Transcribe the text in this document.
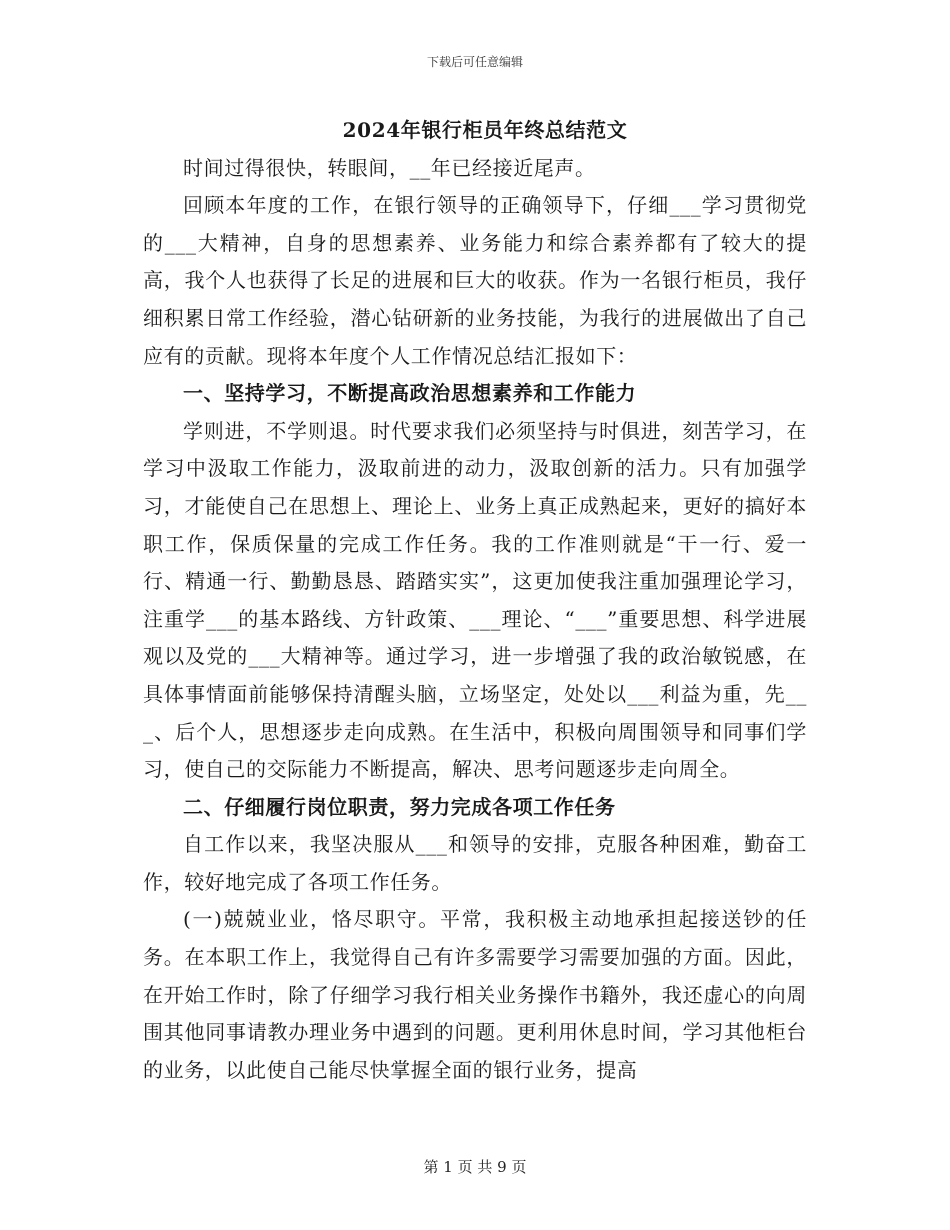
下载后可任意编辑

2024年银行柜员年终总结范文

时间过得很快，转眼间，__年已经接近尾声。

回顾本年度的工作，在银行领导的正确领导下，仔细___学习贯彻党的___大精神，自身的思想素养、业务能力和综合素养都有了较大的提高，我个人也获得了长足的进展和巨大的收获。作为一名银行柜员，我仔细积累日常工作经验，潜心钻研新的业务技能，为我行的进展做出了自己应有的贡献。现将本年度个人工作情况总结汇报如下：

一、坚持学习，不断提高政治思想素养和工作能力

学则进，不学则退。时代要求我们必须坚持与时俱进，刻苦学习，在学习中汲取工作能力，汲取前进的动力，汲取创新的活力。只有加强学习，才能使自己在思想上、理论上、业务上真正成熟起来，更好的搞好本职工作，保质保量的完成工作任务。我的工作准则就是“干一行、爱一行、精通一行、勤勤恳恳、踏踏实实”，这更加使我注重加强理论学习，注重学___的基本路线、方针政策、___理论、“___”重要思想、科学进展观以及党的___大精神等。通过学习，进一步增强了我的政治敏锐感，在具体事情面前能够保持清醒头脑，立场坚定，处处以___利益为重，先___、后个人，思想逐步走向成熟。在生活中，积极向周围领导和同事们学习，使自己的交际能力不断提高，解决、思考问题逐步走向周全。

二、仔细履行岗位职责，努力完成各项工作任务

自工作以来，我坚决服从___和领导的安排，克服各种困难，勤奋工作，较好地完成了各项工作任务。

(一)兢兢业业，恪尽职守。平常，我积极主动地承担起接送钞的任务。在本职工作上，我觉得自己有许多需要学习需要加强的方面。因此，在开始工作时，除了仔细学习我行相关业务操作书籍外，我还虚心的向周围其他同事请教办理业务中遇到的问题。更利用休息时间，学习其他柜台的业务，以此使自己能尽快掌握全面的银行业务，提高

第 1 页 共 9 页
